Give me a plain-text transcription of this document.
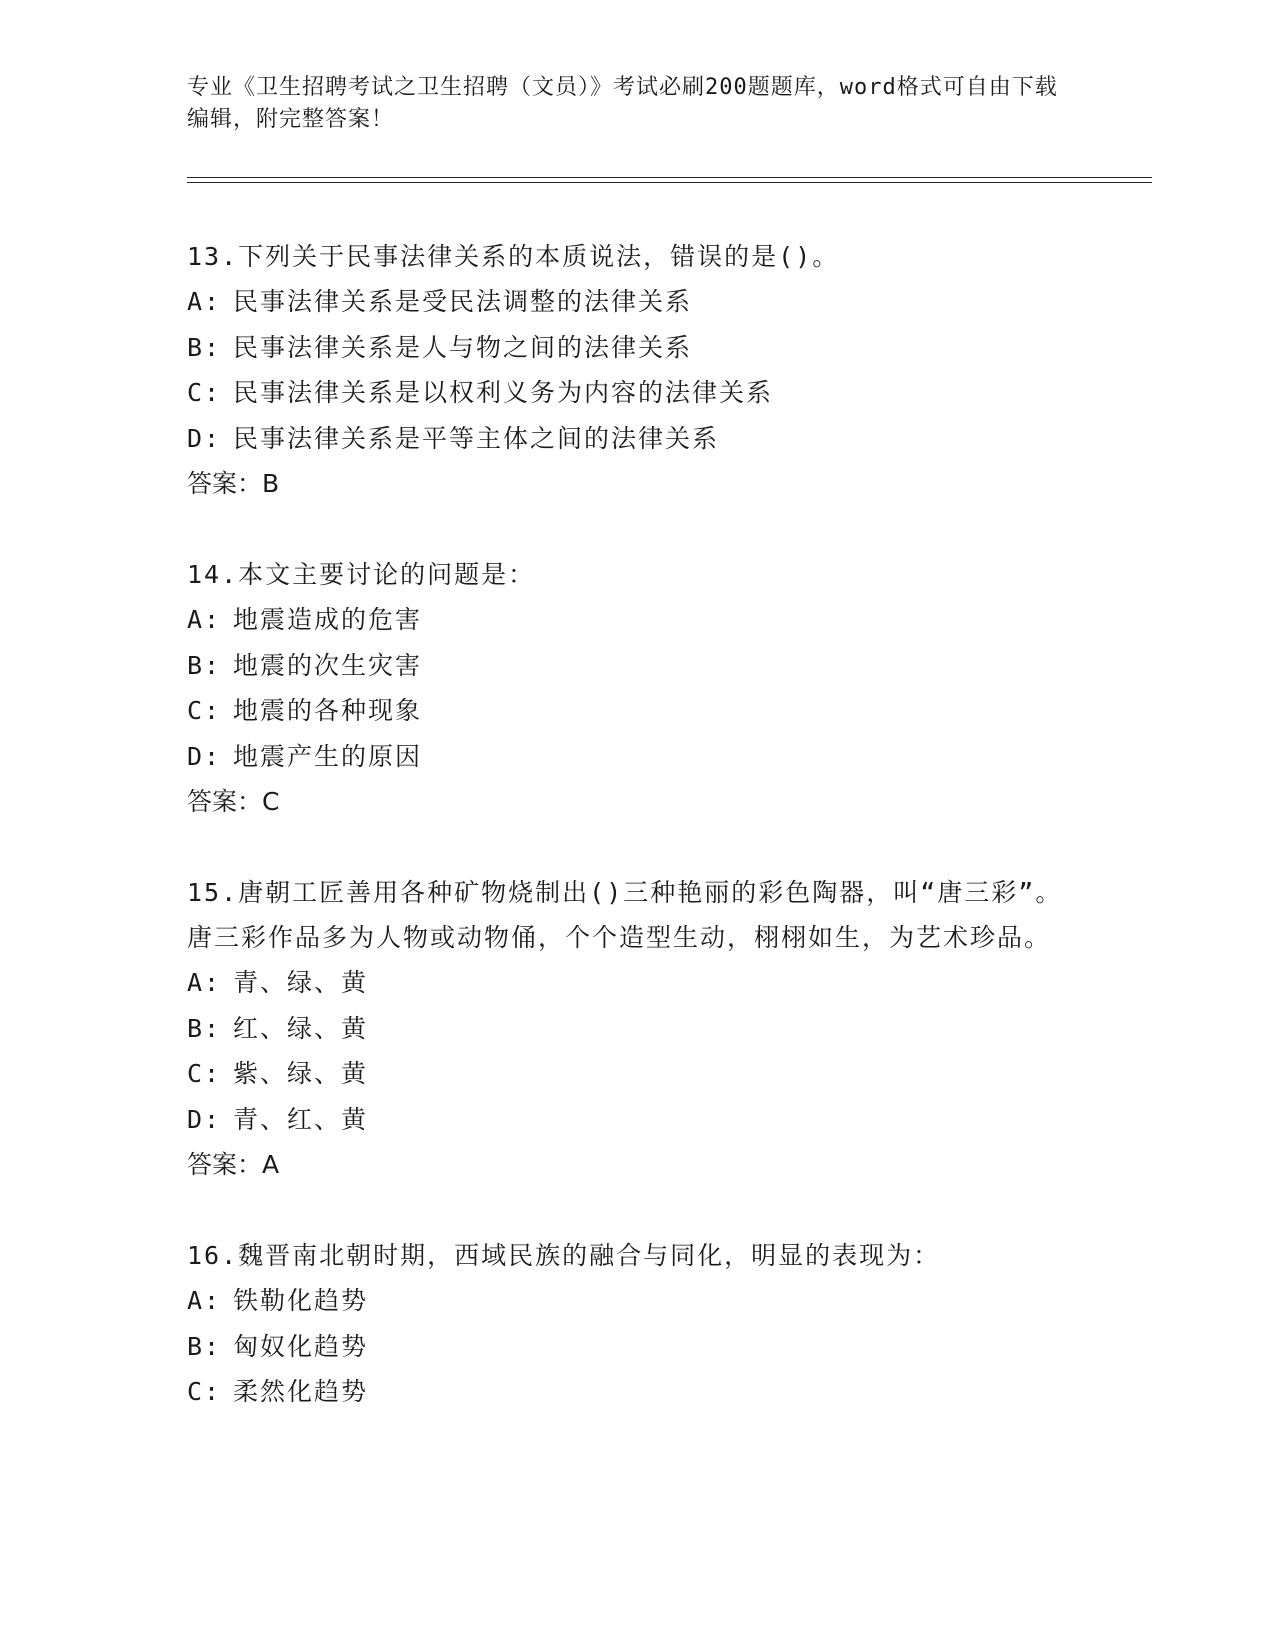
专业《卫生招聘考试之卫生招聘（文员）》考试必刷200题题库，word格式可自由下载编辑，附完整答案！

13.下列关于民事法律关系的本质说法，错误的是()。

A: 民事法律关系是受民法调整的法律关系

B: 民事法律关系是人与物之间的法律关系

C: 民事法律关系是以权利义务为内容的法律关系

D: 民事法律关系是平等主体之间的法律关系

答案：B

14.本文主要讨论的问题是：

A: 地震造成的危害

B: 地震的次生灾害

C: 地震的各种现象

D: 地震产生的原因

答案：C

15.唐朝工匠善用各种矿物烧制出()三种艳丽的彩色陶器，叫“唐三彩”。唐三彩作品多为人物或动物俑，个个造型生动，栩栩如生，为艺术珍品。

A: 青、绿、黄

B: 红、绿、黄

C: 紫、绿、黄

D: 青、红、黄

答案：A

16.魏晋南北朝时期，西域民族的融合与同化，明显的表现为：

A: 铁勒化趋势

B: 匈奴化趋势

C: 柔然化趋势
